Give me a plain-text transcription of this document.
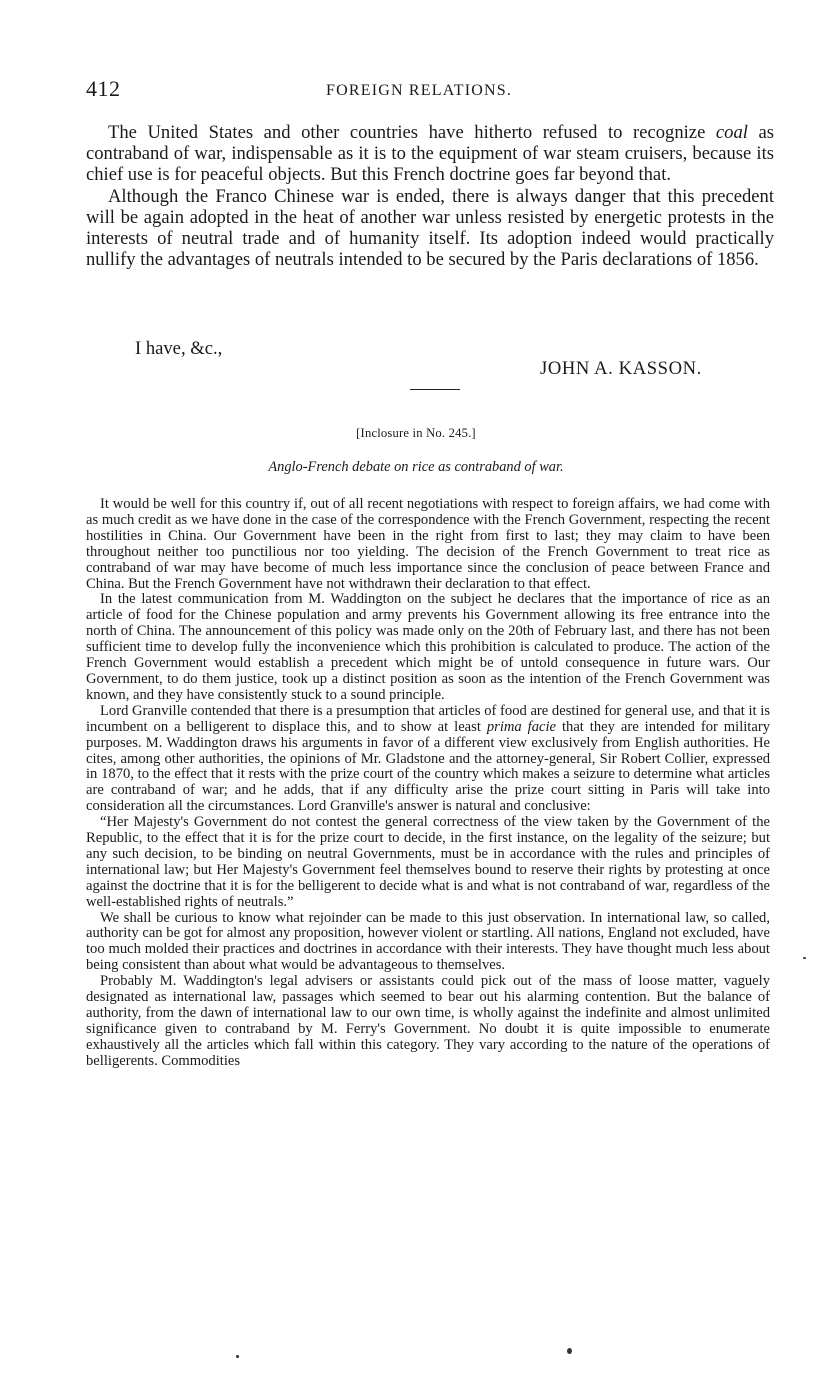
412	FOREIGN RELATIONS.

The United States and other countries have hitherto refused to recognize coal as contraband of war, indispensable as it is to the equipment of war steam cruisers, because its chief use is for peaceful objects. But this French doctrine goes far beyond that.

Although the Franco Chinese war is ended, there is always danger that this precedent will be again adopted in the heat of another war unless resisted by energetic protests in the interests of neutral trade and of humanity itself. Its adoption indeed would practically nullify the advantages of neutrals intended to be secured by the Paris declarations of 1856.

I have, &c.,
JOHN A. KASSON.
[Inclosure in No. 245.]
Anglo-French debate on rice as contraband of war.

It would be well for this country if, out of all recent negotiations with respect to foreign affairs, we had come with as much credit as we have done in the case of the correspondence with the French Government, respecting the recent hostilities in China. Our Government have been in the right from first to last; they may claim to have been throughout neither too punctilious nor too yielding. The decision of the French Government to treat rice as contraband of war may have become of much less importance since the conclusion of peace between France and China. But the French Government have not withdrawn their declaration to that effect.

In the latest communication from M. Waddington on the subject he declares that the importance of rice as an article of food for the Chinese population and army prevents his Government allowing its free entrance into the north of China. The announcement of this policy was made only on the 20th of February last, and there has not been sufficient time to develop fully the inconvenience which this prohibition is calculated to produce. The action of the French Government would establish a precedent which might be of untold consequence in future wars. Our Government, to do them justice, took up a distinct position as soon as the intention of the French Government was known, and they have consistently stuck to a sound principle.

Lord Granville contended that there is a presumption that articles of food are destined for general use, and that it is incumbent on a belligerent to displace this, and to show at least prima facie that they are intended for military purposes. M. Waddington draws his arguments in favor of a different view exclusively from English authorities. He cites, among other authorities, the opinions of Mr. Gladstone and the attorney-general, Sir Robert Collier, expressed in 1870, to the effect that it rests with the prize court of the country which makes a seizure to determine what articles are contraband of war; and he adds, that if any difficulty arise the prize court sitting in Paris will take into consideration all the circumstances. Lord Granville's answer is natural and conclusive:

“Her Majesty's Government do not contest the general correctness of the view taken by the Government of the Republic, to the effect that it is for the prize court to decide, in the first instance, on the legality of the seizure; but any such decision, to be binding on neutral Governments, must be in accordance with the rules and principles of international law; but Her Majesty's Government feel themselves bound to reserve their rights by protesting at once against the doctrine that it is for the belligerent to decide what is and what is not contraband of war, regardless of the well-established rights of neutrals.”

We shall be curious to know what rejoinder can be made to this just observation. In international law, so called, authority can be got for almost any proposition, however violent or startling. All nations, England not excluded, have too much molded their practices and doctrines in accordance with their interests. They have thought much less about being consistent than about what would be advantageous to themselves.

Probably M. Waddington's legal advisers or assistants could pick out of the mass of loose matter, vaguely designated as international law, passages which seemed to bear out his alarming contention. But the balance of authority, from the dawn of international law to our own time, is wholly against the indefinite and almost unlimited significance given to contraband by M. Ferry's Government. No doubt it is quite impossible to enumerate exhaustively all the articles which fall within this category. They vary according to the nature of the operations of belligerents. Commodities
